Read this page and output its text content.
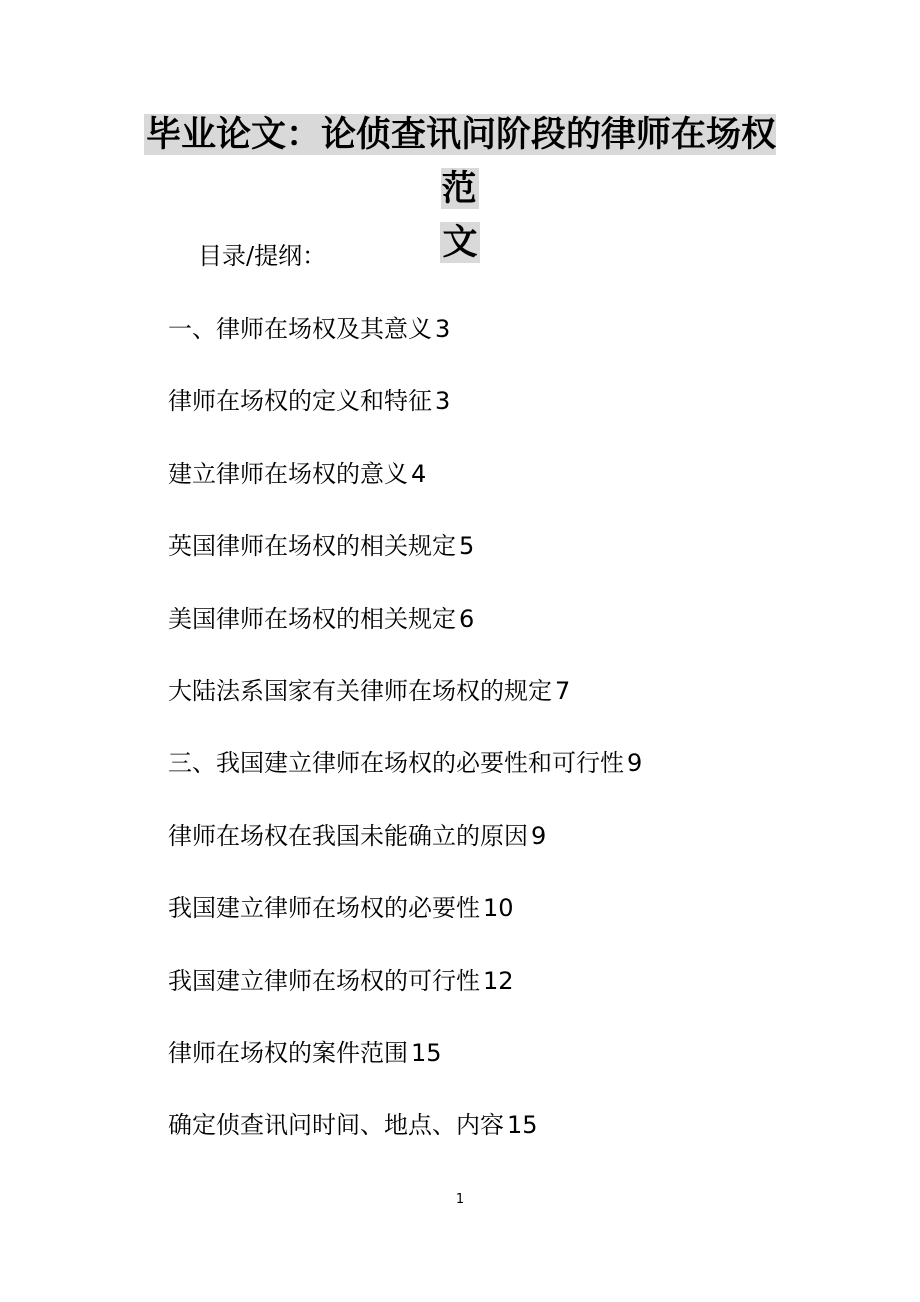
毕业论文：论侦查讯问阶段的律师在场权范
文
目录/提纲：
一、律师在场权及其意义 3
律师在场权的定义和特征 3
建立律师在场权的意义 4
英国律师在场权的相关规定 5
美国律师在场权的相关规定 6
大陆法系国家有关律师在场权的规定 7
三、我国建立律师在场权的必要性和可行性 9
律师在场权在我国未能确立的原因 9
我国建立律师在场权的必要性 10
我国建立律师在场权的可行性 12
律师在场权的案件范围 15
确定侦查讯问时间、地点、内容 15
1
